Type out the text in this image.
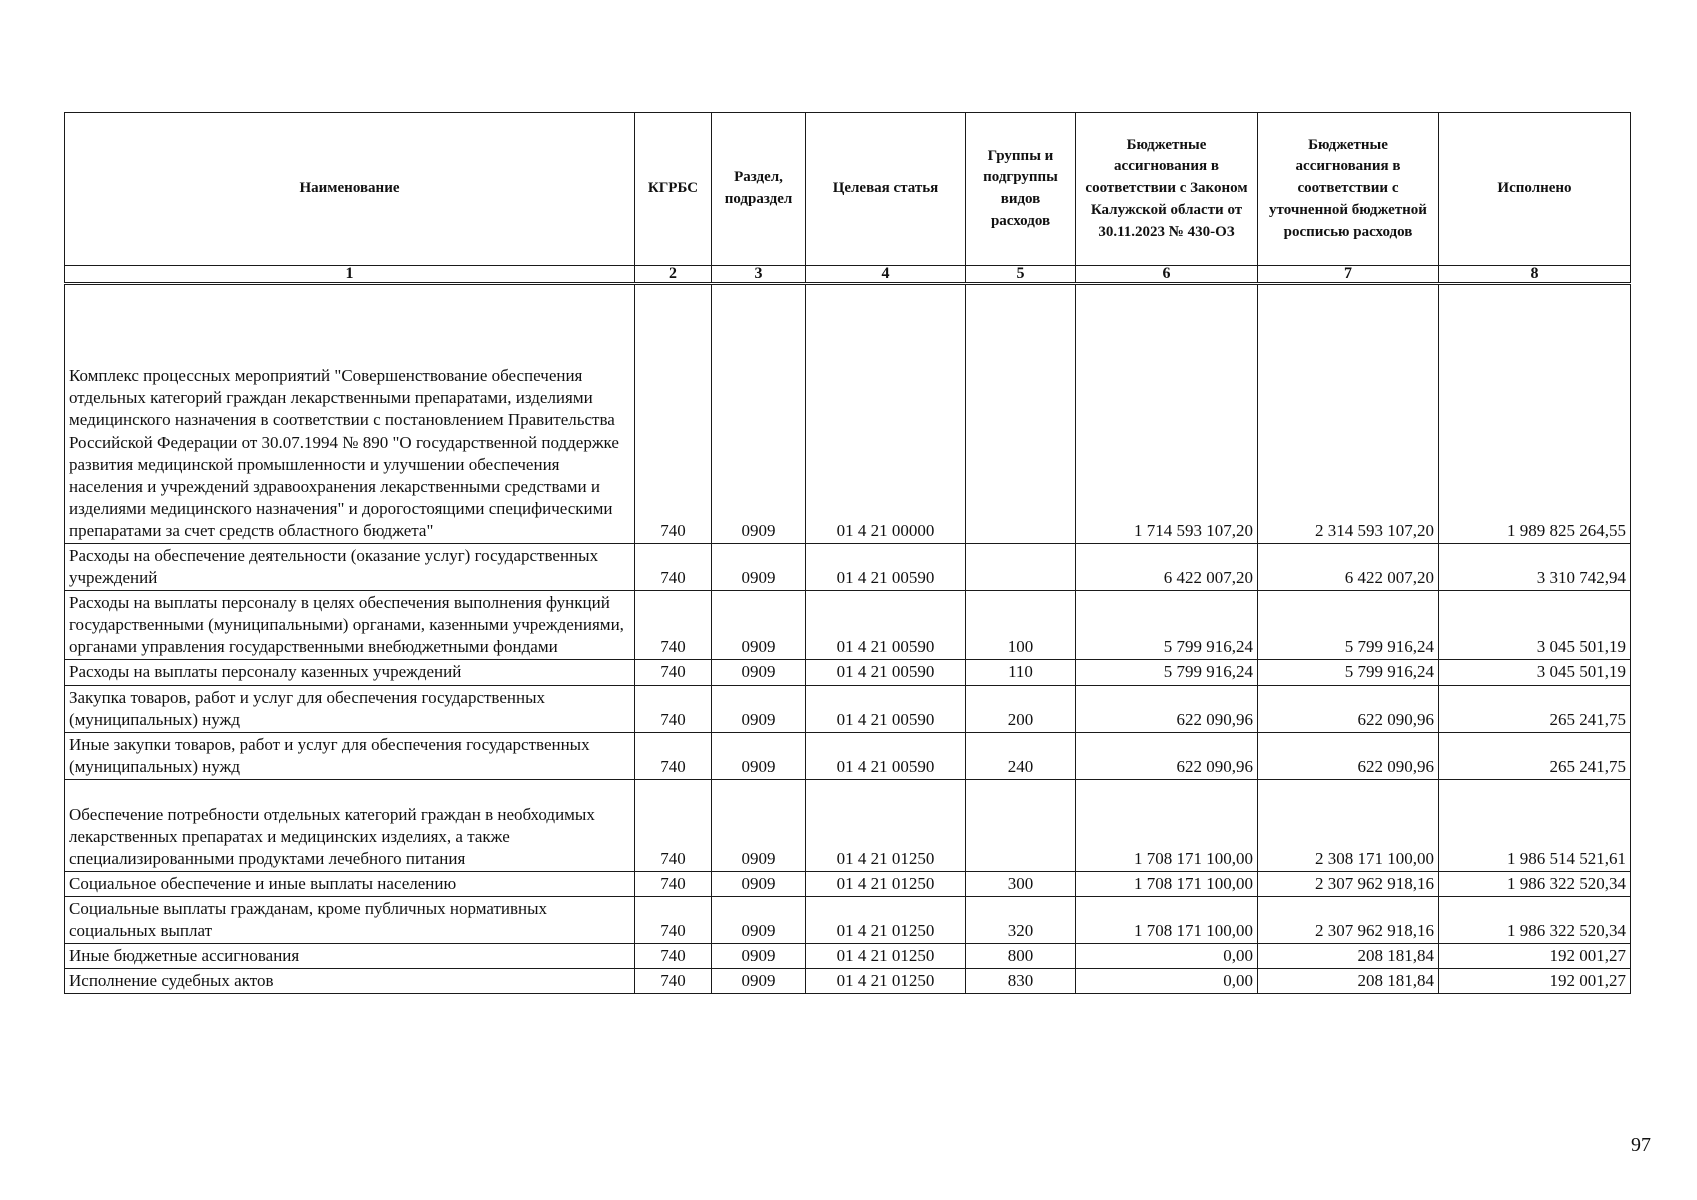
Наименование	КГРБС	Раздел, подраздел	Целевая статья	Группы и подгруппы видов расходов	Бюджетные ассигнования в соответствии с Законом Калужской области от 30.11.2023 № 430-ОЗ	Бюджетные ассигнования в соответствии с уточненной бюджетной росписью расходов	Исполнено
1	2	3	4	5	6	7	8
Комплекс процессных мероприятий "Совершенствование обеспечения отдельных категорий граждан лекарственными препаратами, изделиями медицинского назначения в соответствии с постановлением Правительства Российской Федерации от 30.07.1994 № 890 "О государственной поддержке развития медицинской промышленности и улучшении обеспечения населения и учреждений здравоохранения лекарственными средствами и изделиями медицинского назначения" и дорогостоящими специфическими препаратами за счет средств областного бюджета"	740	0909	01 4 21 00000		1 714 593 107,20	2 314 593 107,20	1 989 825 264,55
Расходы на обеспечение деятельности (оказание услуг) государственных учреждений	740	0909	01 4 21 00590		6 422 007,20	6 422 007,20	3 310 742,94
Расходы на выплаты персоналу в целях обеспечения выполнения функций государственными (муниципальными) органами, казенными учреждениями, органами управления государственными внебюджетными фондами	740	0909	01 4 21 00590	100	5 799 916,24	5 799 916,24	3 045 501,19
Расходы на выплаты персоналу казенных учреждений	740	0909	01 4 21 00590	110	5 799 916,24	5 799 916,24	3 045 501,19
Закупка товаров, работ и услуг для обеспечения государственных (муниципальных) нужд	740	0909	01 4 21 00590	200	622 090,96	622 090,96	265 241,75
Иные закупки товаров, работ и услуг для обеспечения государственных (муниципальных) нужд	740	0909	01 4 21 00590	240	622 090,96	622 090,96	265 241,75
Обеспечение потребности отдельных категорий граждан в необходимых лекарственных препаратах и медицинских изделиях, а также специализированными продуктами лечебного питания	740	0909	01 4 21 01250		1 708 171 100,00	2 308 171 100,00	1 986 514 521,61
Социальное обеспечение и иные выплаты населению	740	0909	01 4 21 01250	300	1 708 171 100,00	2 307 962 918,16	1 986 322 520,34
Социальные выплаты гражданам, кроме публичных нормативных социальных выплат	740	0909	01 4 21 01250	320	1 708 171 100,00	2 307 962 918,16	1 986 322 520,34
Иные бюджетные ассигнования	740	0909	01 4 21 01250	800	0,00	208 181,84	192 001,27
Исполнение судебных актов	740	0909	01 4 21 01250	830	0,00	208 181,84	192 001,27
97
